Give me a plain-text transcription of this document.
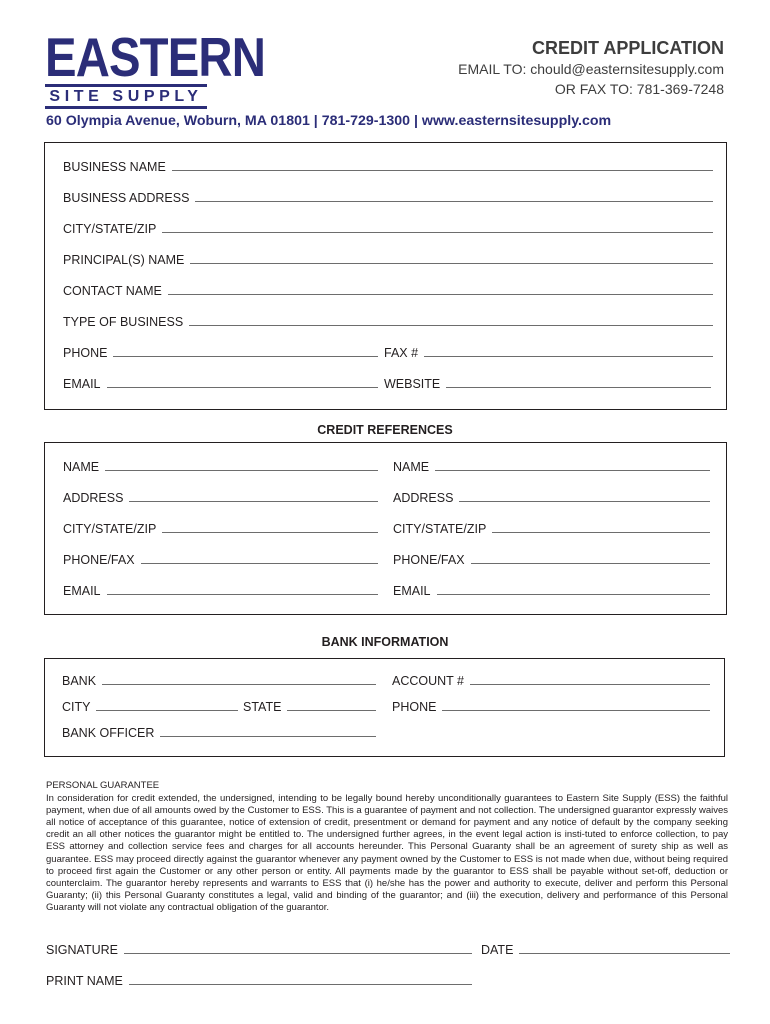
EASTERN
SITE SUPPLY
CREDIT APPLICATION
EMAIL TO: chould@easternsitesupply.com
OR FAX TO: 781-369-7248
60 Olympia Avenue, Woburn, MA 01801 | 781-729-1300 | www.easternsitesupply.com
BUSINESS NAME
BUSINESS ADDRESS
CITY/STATE/ZIP
PRINCIPAL(S) NAME
CONTACT NAME
TYPE OF BUSINESS
PHONE	FAX #
EMAIL	WEBSITE
CREDIT REFERENCES
NAME	NAME
ADDRESS	ADDRESS
CITY/STATE/ZIP	CITY/STATE/ZIP
PHONE/FAX	PHONE/FAX
EMAIL	EMAIL
BANK INFORMATION
BANK	ACCOUNT #
CITY	STATE	PHONE
BANK OFFICER
PERSONAL GUARANTEE
In consideration for credit extended, the undersigned, intending to be legally bound hereby unconditionally guarantees to Eastern Site Supply (ESS) the faithful payment, when due of all amounts owed by the Customer to ESS. This is a guarantee of payment and not collection. The undersigned guarantor expressly waives all notice of acceptance of this guarantee, notice of extension of credit, presentment or demand for payment and any notice of default by the company seeking credit an all other notices the guarantor might be entitled to. The undersigned further agrees, in the event legal action is insti-tuted to enforce collection, to pay ESS attorney and collection service fees and charges for all accounts hereunder. This Personal Guaranty shall be an agreement of surety ship as well as guarantee. ESS may proceed directly against the guarantor whenever any payment owned by the Customer to ESS is not made when due, without being required to proceed first again the Customer or any other person or entity. All payments made by the guarantor to ESS shall be payable without set-off, deduction or counterclaim. The guarantor hereby represents and warrants to ESS that (i) he/she has the power and authority to execute, deliver and perform this Personal Guaranty; (ii) this Personal Guaranty constitutes a legal, valid and binding of the guarantor; and (iii) the execution, delivery and performance of this Personal Guaranty will not violate any contractual obligation of the guarantor.
SIGNATURE	DATE
PRINT NAME
